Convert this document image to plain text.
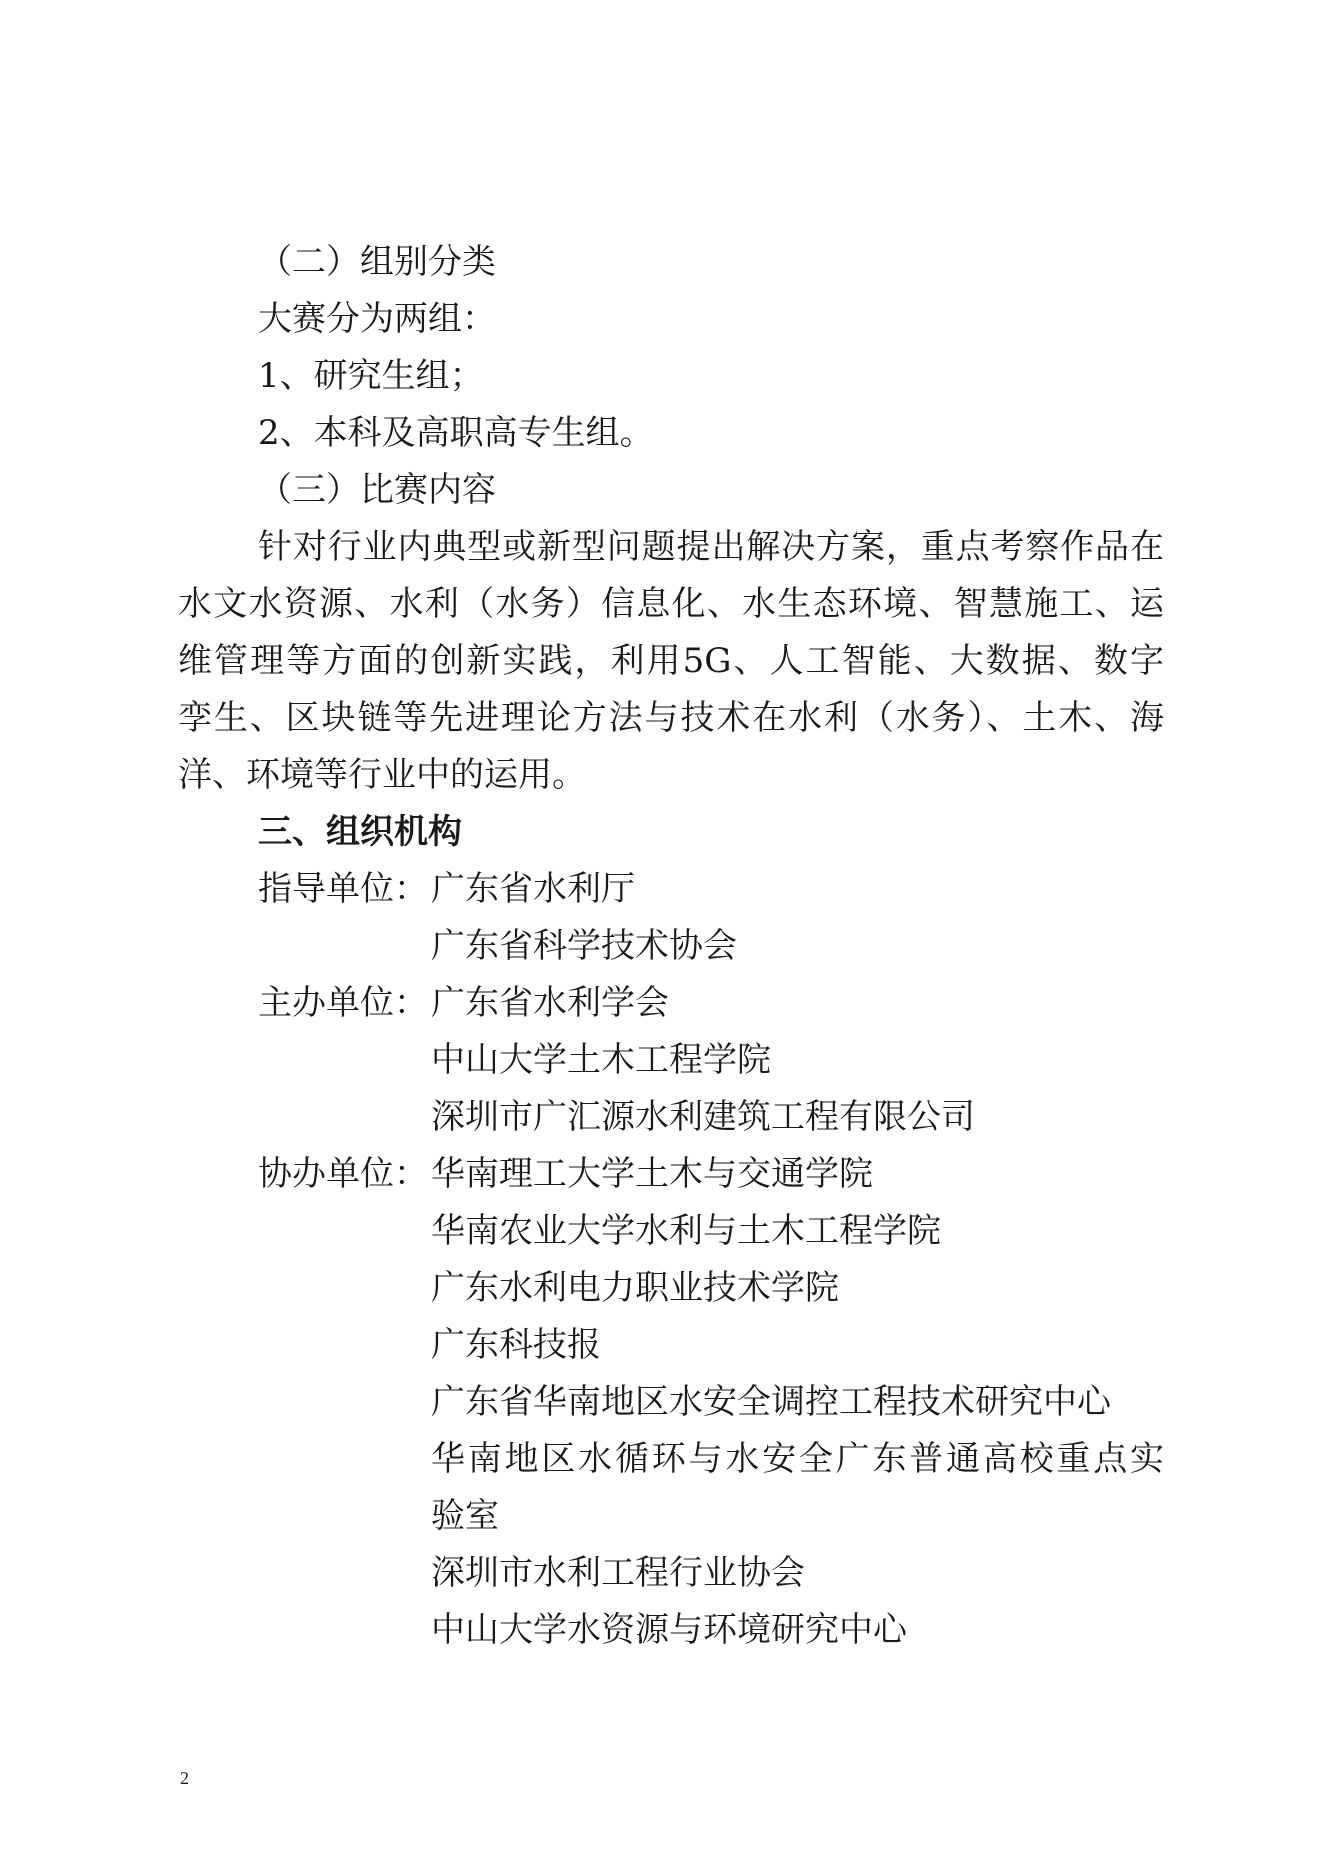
（二）组别分类
大赛分为两组：
1、研究生组；
2、本科及高职高专生组。
（三）比赛内容
针对行业内典型或新型问题提出解决方案，重点考察作品在
水文水资源、水利（水务）信息化、水生态环境、智慧施工、运
维管理等方面的创新实践，利用5G、人工智能、大数据、数字
孪生、区块链等先进理论方法与技术在水利（水务）、土木、海
洋、环境等行业中的运用。
三、组织机构
指导单位： 广东省水利厅
广东省科学技术协会
主办单位： 广东省水利学会
中山大学土木工程学院
深圳市广汇源水利建筑工程有限公司
协办单位： 华南理工大学土木与交通学院
华南农业大学水利与土木工程学院
广东水利电力职业技术学院
广东科技报
广东省华南地区水安全调控工程技术研究中心
华南地区水循环与水安全广东普通高校重点实
验室
深圳市水利工程行业协会
中山大学水资源与环境研究中心
2
